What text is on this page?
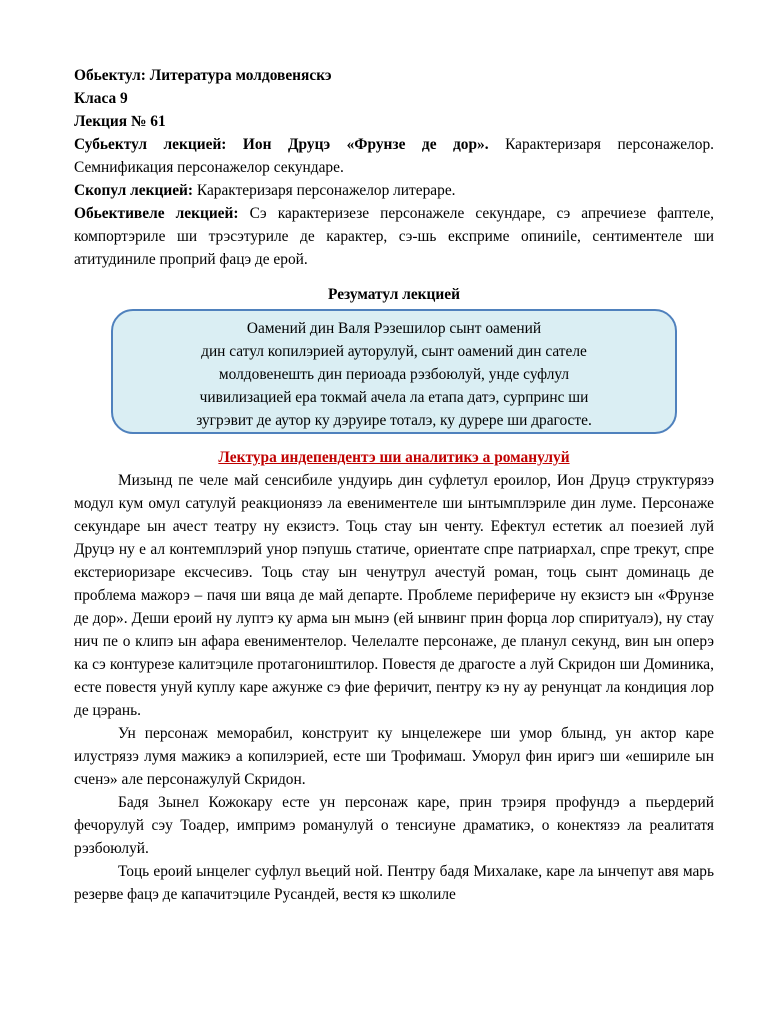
Обьектул: Литература молдовеняскэ
Класа 9
Лекция № 61

Субьектул лекцией: Ион Друцэ «Фрунзе де дор». Карактеризаря персонажелор. Семнификация персонажелор секундаре.

Скопул лекцией: Карактеризаря персонажелор литераре.

Обьективеле лекцией: Сэ карактеризезе персонажеле секундаре, сэ апречиезе фаптеле, компортэриле ши трэсэтуриле де карактер, сэ-шь експриме опиниile, сентиментеле ши атитудиниле проприй фацэ де ерой.

Резуматул лекцией
Оамений дин Валя Рэзешилор сынт оамений
дин сатул копилэрией ауторулуй, сынт оамений дин сателе
молдовенешть дин периоада рэзбоюлуй, унде суфлул
чивилизацией ера токмай ачела ла етапа датэ, сурпринс ши
зугрэвит де аутор ку дэруире тоталэ, ку дурере ши драгосте.
Лектура индепендентэ ши аналитикэ а романулуй

Мизынд пе челе май сенсибиле ундуирь дин суфлетул ероилор, Ион Друцэ структурязэ модул кум омул сатулуй реакционязэ ла евениментеле ши ынтымплэриле дин луме. Персонаже секундаре ын ачест театру ну екзистэ. Тоць стау ын ченту. Ефектул естетик ал поезией луй Друцэ ну е ал контемплэрий унор пэпушь статиче, ориентате спре патриархал, спре трекут, спре екстериоризаре ексчесивэ. Тоць стау ын ченутрул ачестуй роман, тоць сынт доминаць де проблема мажорэ – пачя ши вяца де май департе. Проблеме периферичe ну екзистэ ын «Фрунзе де дор». Деши ероий ну луптэ ку арма ын мынэ (ей ынвинг прин форца лор спиритуалэ), ну стау нич пе о клипэ ын афара евениментелор. Челелалте персонаже, де планул секунд, вин ын оперэ ка сэ контурезе калитэциле протагоништилор. Повестя де драгосте а луй Скридон ши Доминика, есте повестя унуй куплу каре ажунже сэ фие феричит, пентру кэ ну ау ренунцат ла кондиция лор де цэрань.

Ун персонаж меморабил, конструит ку ынцележере ши умор блынд, ун актор каре илустрязэ лумя мажикэ а копилэрией, есте ши Трофимаш. Уморул фин иригэ ши «ешириле ын сченэ» але персонажулуй Скридон.

Бадя Зынел Кожокару есте ун персонаж каре, прин трэиря профундэ а пьердерий фечорулуй сэу Тоадер, импримэ романулуй о тенсиуне драматикэ, о конектязэ ла реалитатя рэзбоюлуй.

Тоць ероий ынцелег суфлул вьеций ной. Пентру бадя Михалаке, каре ла ынчепут авя марь резерве фацэ де капачитэциле Русандей, вестя кэ школиле
